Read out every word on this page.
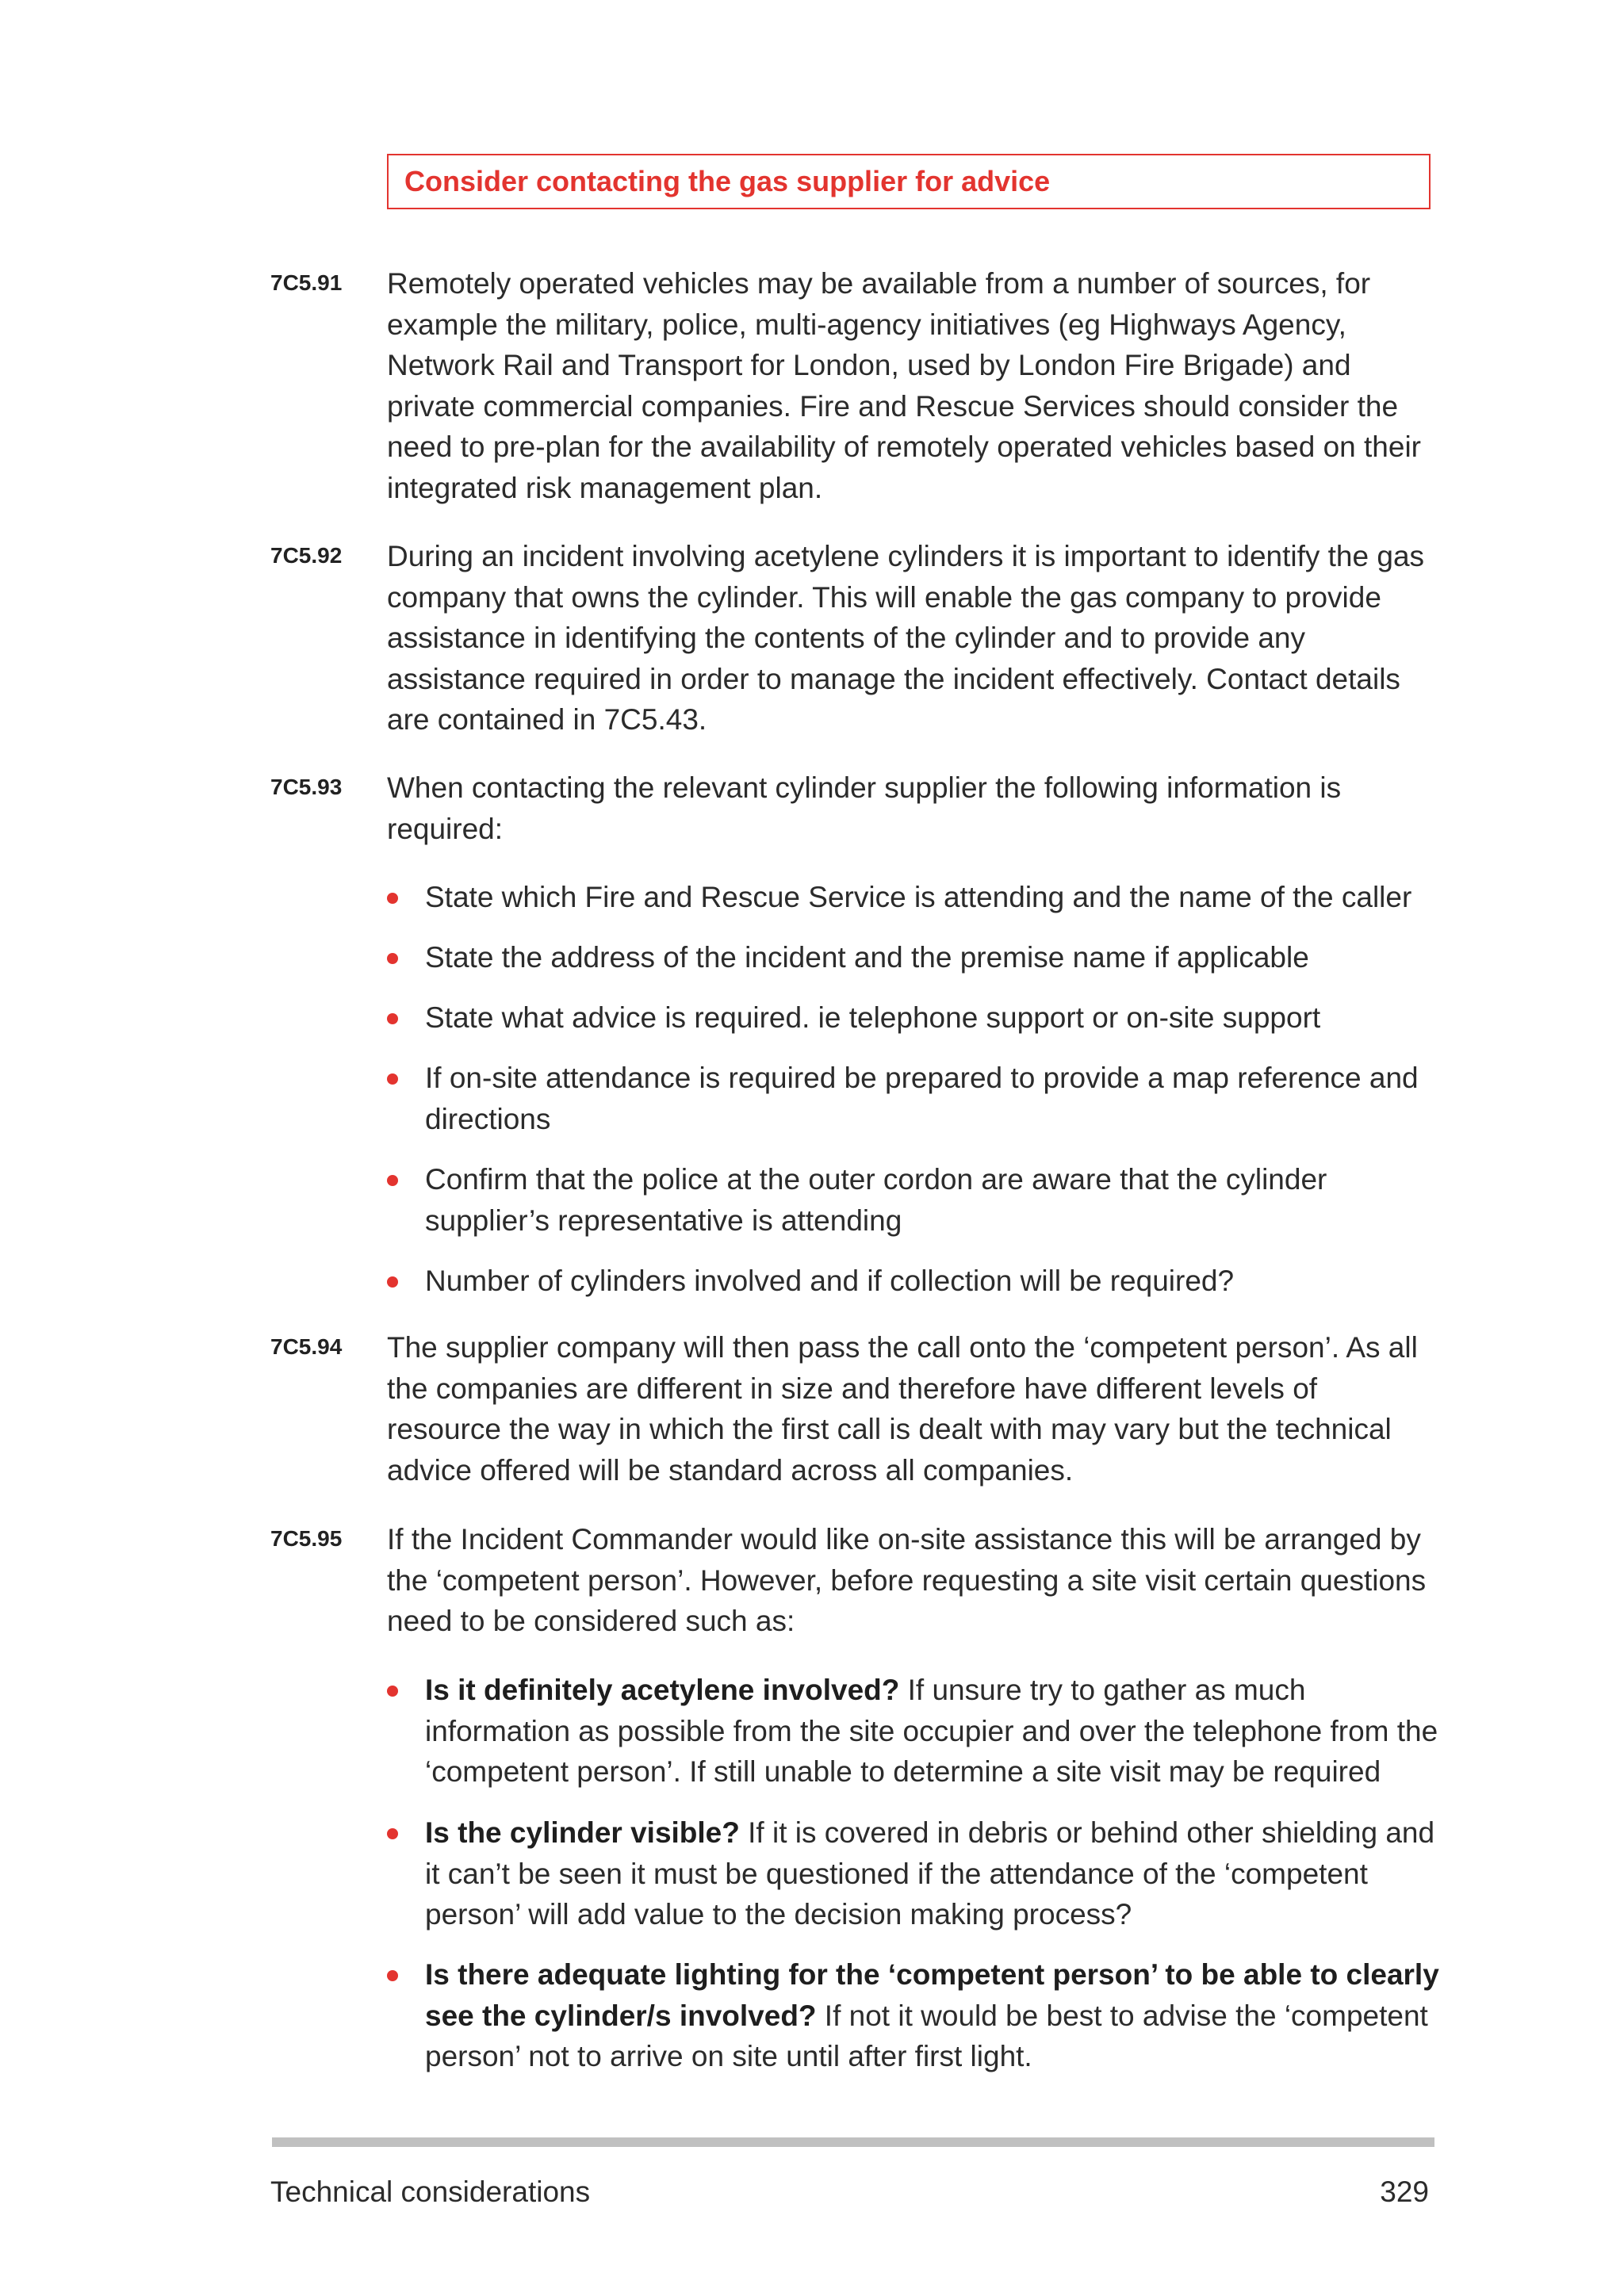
Consider contacting the gas supplier for advice
7C5.91 Remotely operated vehicles may be available from a number of sources, for example the military, police, multi-agency initiatives (eg Highways Agency, Network Rail and Transport for London, used by London Fire Brigade) and private commercial companies. Fire and Rescue Services should consider the need to pre-plan for the availability of remotely operated vehicles based on their integrated risk management plan.

7C5.92 During an incident involving acetylene cylinders it is important to identify the gas company that owns the cylinder. This will enable the gas company to provide assistance in identifying the contents of the cylinder and to provide any assistance required in order to manage the incident effectively. Contact details are contained in 7C5.43.

7C5.93 When contacting the relevant cylinder supplier the following information is required:

State which Fire and Rescue Service is attending and the name of the caller

State the address of the incident and the premise name if applicable

State what advice is required. ie telephone support or on-site support

If on-site attendance is required be prepared to provide a map reference and directions

Confirm that the police at the outer cordon are aware that the cylinder supplier’s representative is attending

Number of cylinders involved and if collection will be required?

7C5.94 The supplier company will then pass the call onto the ‘competent person’. As all the companies are different in size and therefore have different levels of resource the way in which the first call is dealt with may vary but the technical advice offered will be standard across all companies.

7C5.95 If the Incident Commander would like on-site assistance this will be arranged by the ‘competent person’. However, before requesting a site visit certain questions need to be considered such as:

Is it definitely acetylene involved? If unsure try to gather as much information as possible from the site occupier and over the telephone from the ‘competent person’. If still unable to determine a site visit may be required

Is the cylinder visible? If it is covered in debris or behind other shielding and it can’t be seen it must be questioned if the attendance of the ‘competent person’ will add value to the decision making process?

Is there adequate lighting for the ‘competent person’ to be able to clearly see the cylinder/s involved? If not it would be best to advise the ‘competent person’ not to arrive on site until after first light.

Technical considerations	329
